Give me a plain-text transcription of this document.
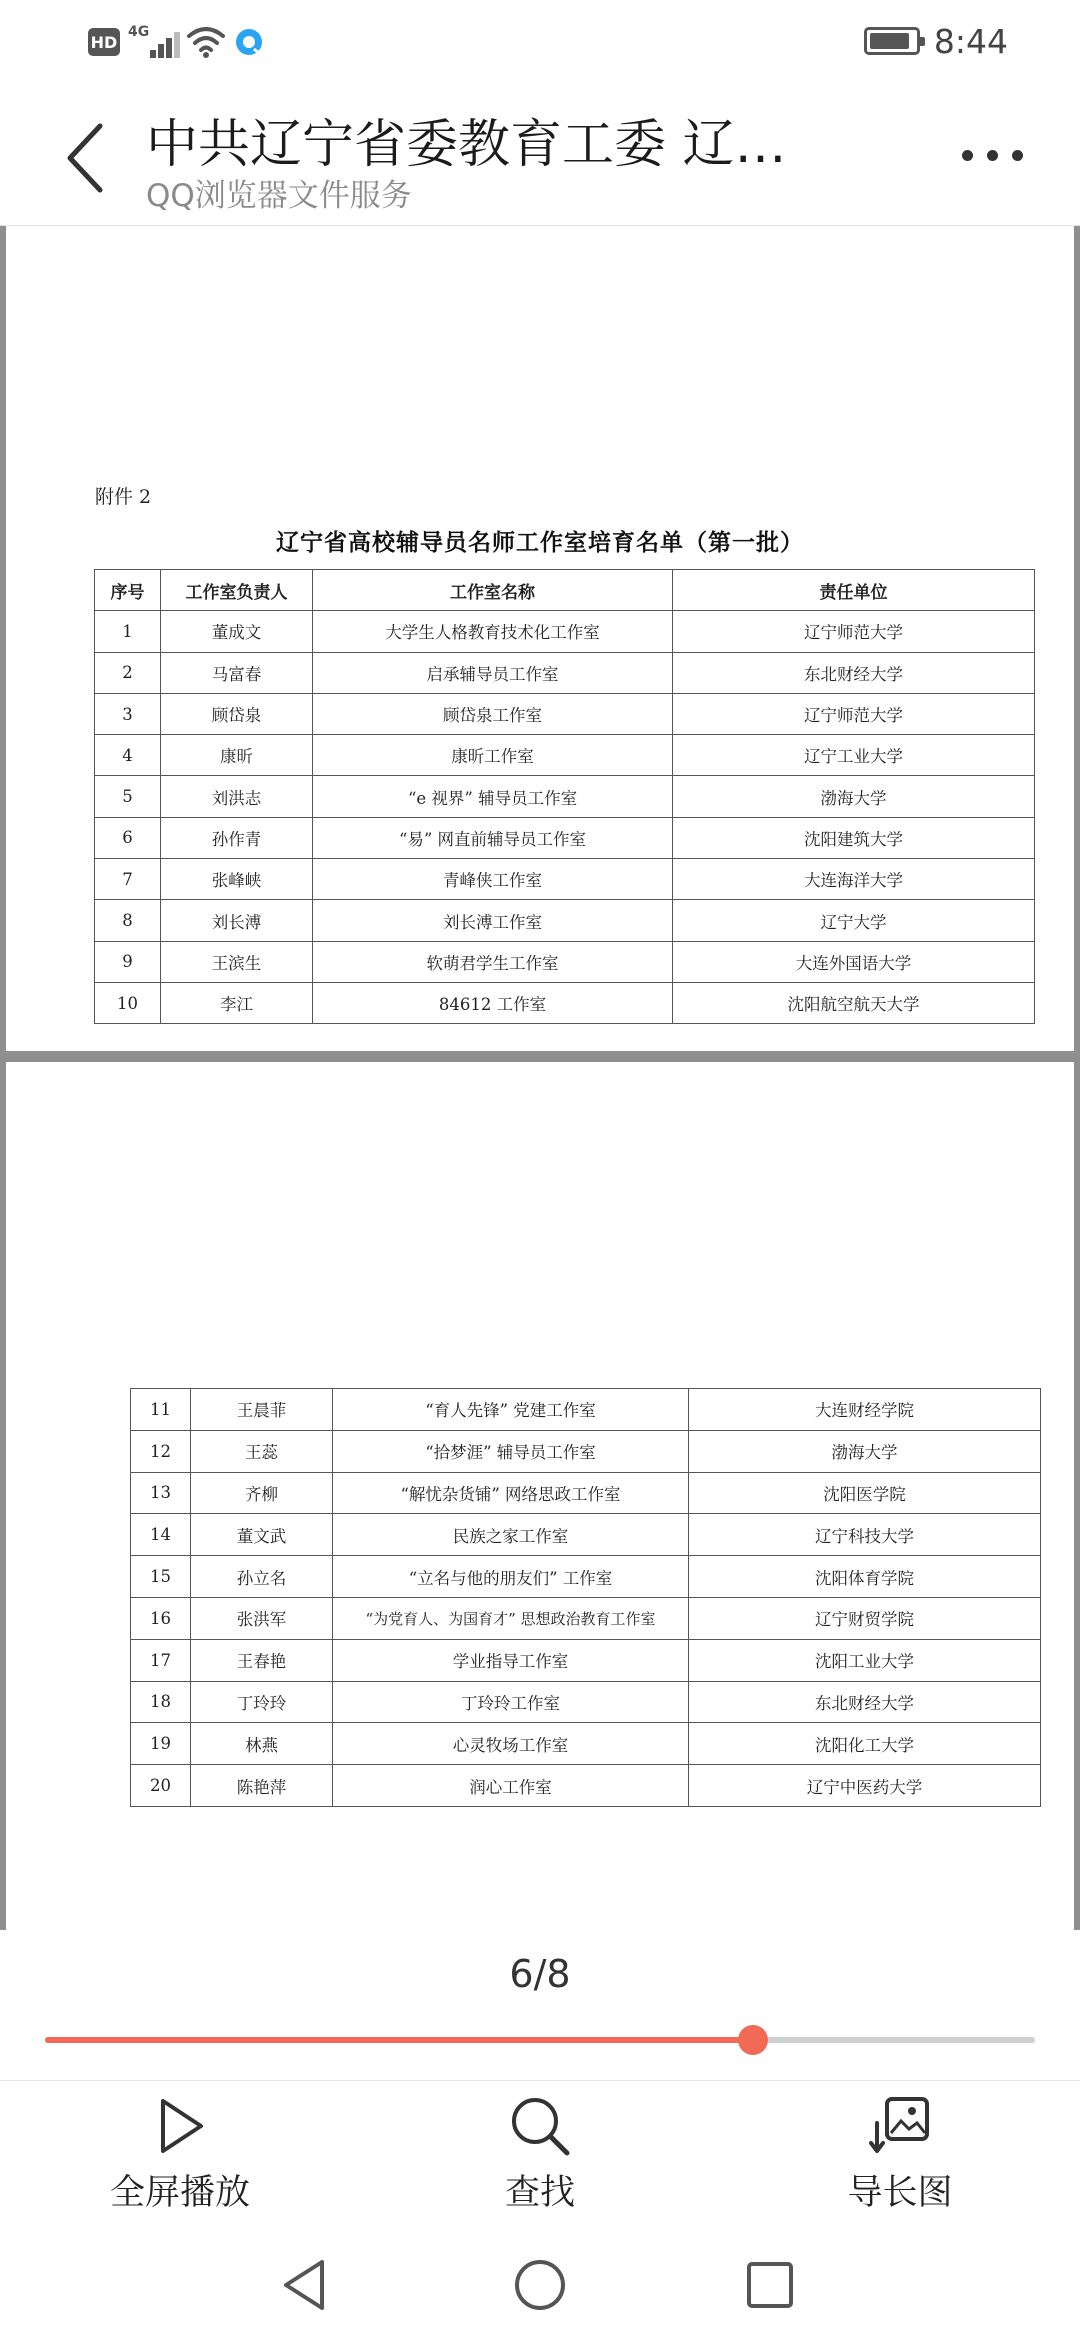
HD
4G	8:44
中共辽宁省委教育工委 辽…
QQ浏览器文件服务
附件 2
辽宁省高校辅导员名师工作室培育名单（第一批）
序号	工作室负责人	工作室名称	责任单位
1	董成文	大学生人格教育技术化工作室	辽宁师范大学
2	马富春	启承辅导员工作室	东北财经大学
3	顾岱泉	顾岱泉工作室	辽宁师范大学
4	康昕	康昕工作室	辽宁工业大学
5	刘洪志	“e 视界” 辅导员工作室	渤海大学
6	孙作青	“易” 网直前辅导员工作室	沈阳建筑大学
7	张峰峡	青峰侠工作室	大连海洋大学
8	刘长溥	刘长溥工作室	辽宁大学
9	王滨生	软萌君学生工作室	大连外国语大学
10	李江	84612 工作室	沈阳航空航天大学
11	王晨菲	“育人先锋” 党建工作室	大连财经学院
12	王蕊	“拾梦涯” 辅导员工作室	渤海大学
13	齐柳	“解忧杂货铺” 网络思政工作室	沈阳医学院
14	董文武	民族之家工作室	辽宁科技大学
15	孙立名	“立名与他的朋友们” 工作室	沈阳体育学院
16	张洪军	“为党育人、为国育才” 思想政治教育工作室	辽宁财贸学院
17	王春艳	学业指导工作室	沈阳工业大学
18	丁玲玲	丁玲玲工作室	东北财经大学
19	林燕	心灵牧场工作室	沈阳化工大学
20	陈艳萍	润心工作室	辽宁中医药大学
6/8
全屏播放	查找	导长图
